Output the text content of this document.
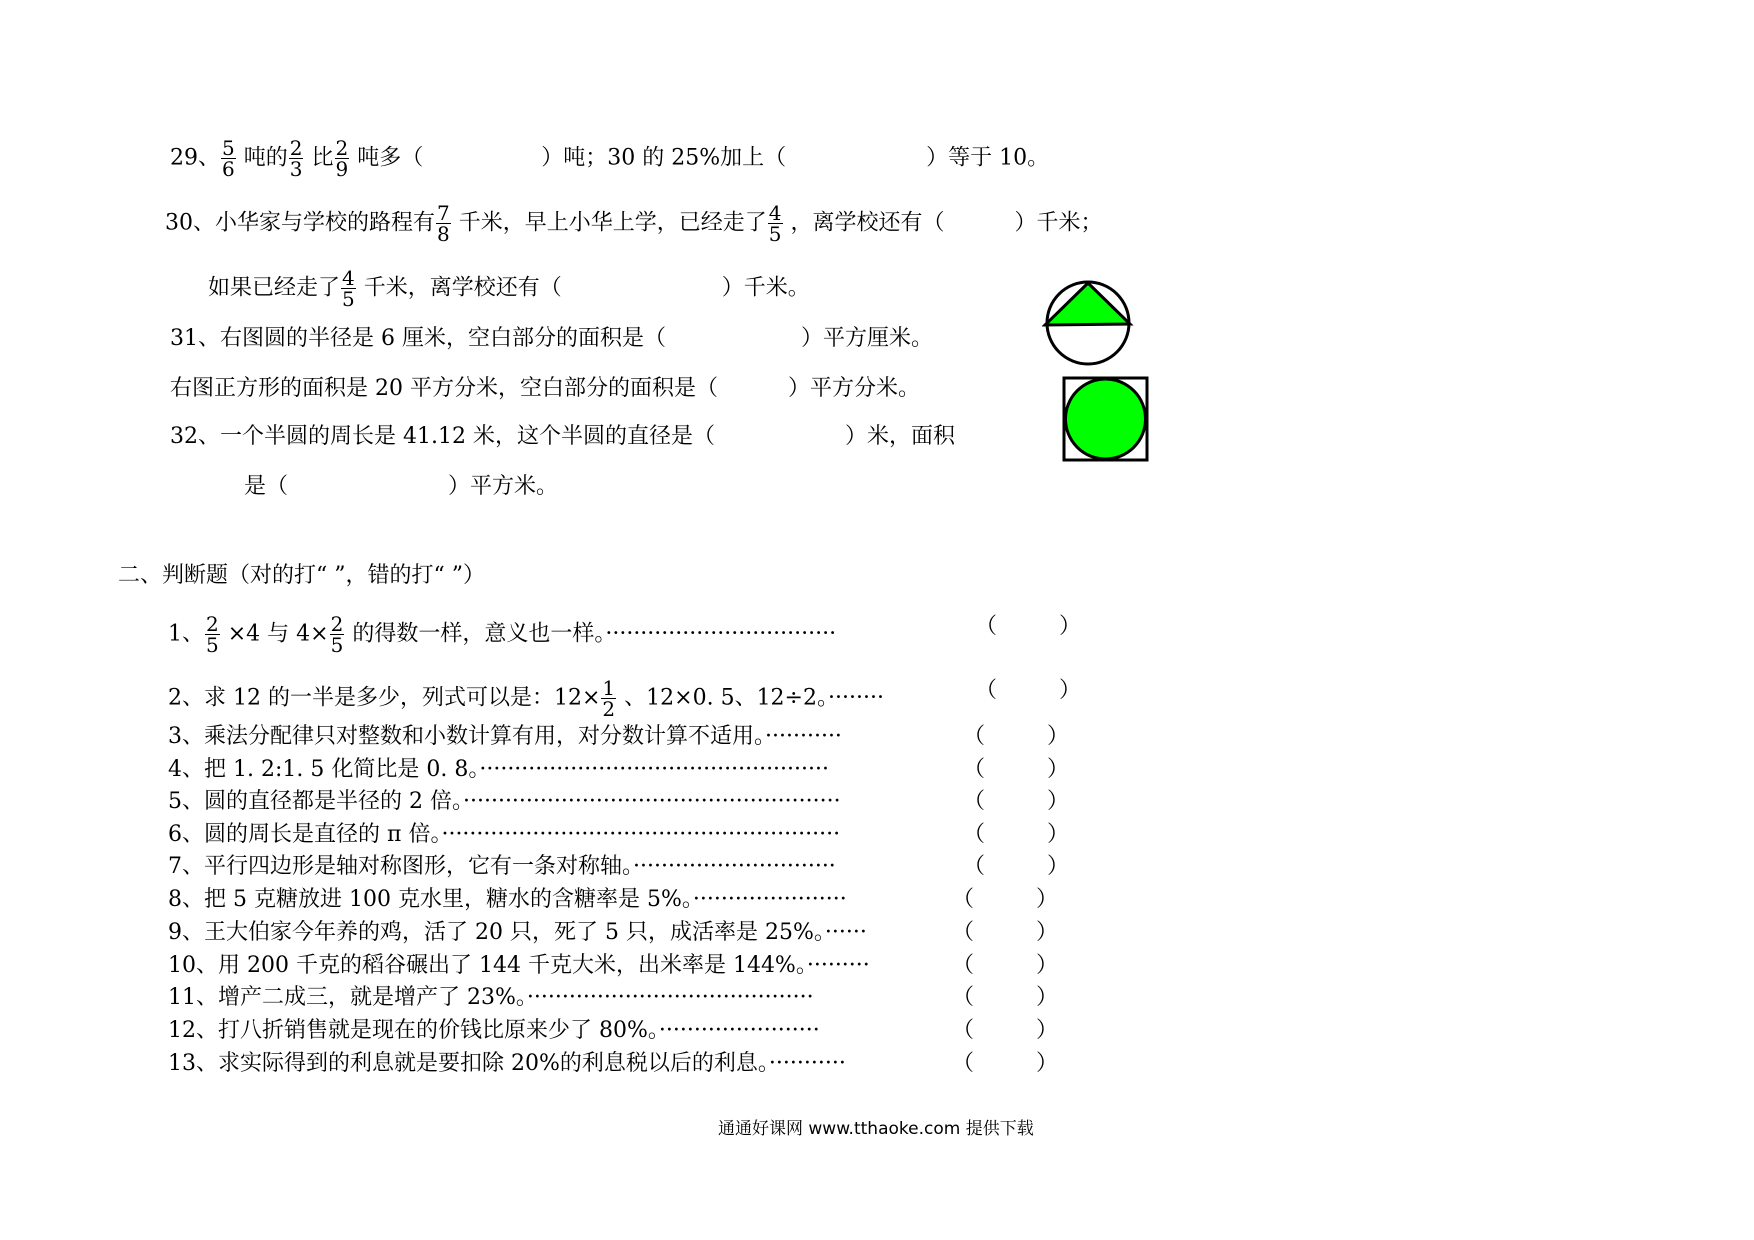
29、 $\frac{5}{6}$ 吨的 $\frac{2}{3}$ 比 $\frac{2}{9}$ 吨多（	）吨；30 的 25%加上（	）等于 10。
30、小华家与学校的路程有 $\frac{7}{8}$ 千米，早上小华上学，已经走了 $\frac{4}{5}$ ，离学校还有（	）千米；
如果已经走了 $\frac{4}{5}$ 千米，离学校还有（	）千米。
31、右图圆的半径是 6 厘米，空白部分的面积是（	）平方厘米。
右图正方形的面积是 20 平方分米，空白部分的面积是（	）平方分米。
32、一个半圆的周长是 41.12 米，这个半圆的直径是（	）米，面积
是（	）平方米。
二、判断题（对的打“ ”，错的打“ ”）
1、 $\frac{2}{5} \times 4$ 与 $4\times \frac{2}{5}$ 的得数一样，意义也一样。·································	（	）
2、求 12 的一半是多少，列式可以是：$12\times \frac{1}{2}$ 、12×0. 5、12÷2。········	（	）
3、乘法分配律只对整数和小数计算有用，对分数计算不适用。···········	（	）
4、把 1. 2:1. 5 化简比是 0. 8。··················································	（	）
5、圆的直径都是半径的 2 倍。······················································	（	）
6、圆的周长是直径的 π 倍。·························································	（	）
7、平行四边形是轴对称图形，它有一条对称轴。·····························	（	）
8、把 5 克糖放进 100 克水里，糖水的含糖率是 5%。······················	（	）
9、王大伯家今年养的鸡，活了 20 只，死了 5 只，成活率是 25%。······	（	）
10、用 200 千克的稻谷碾出了 144 千克大米，出米率是 144%。·········	（	）
11、增产二成三，就是增产了 23%。·········································	（	）
12、打八折销售就是现在的价钱比原来少了 80%。·······················	（	）
13、求实际得到的利息就是要扣除 20%的利息税以后的利息。···········	（	）
通通好课网 www.tthaoke.com 提供下载
